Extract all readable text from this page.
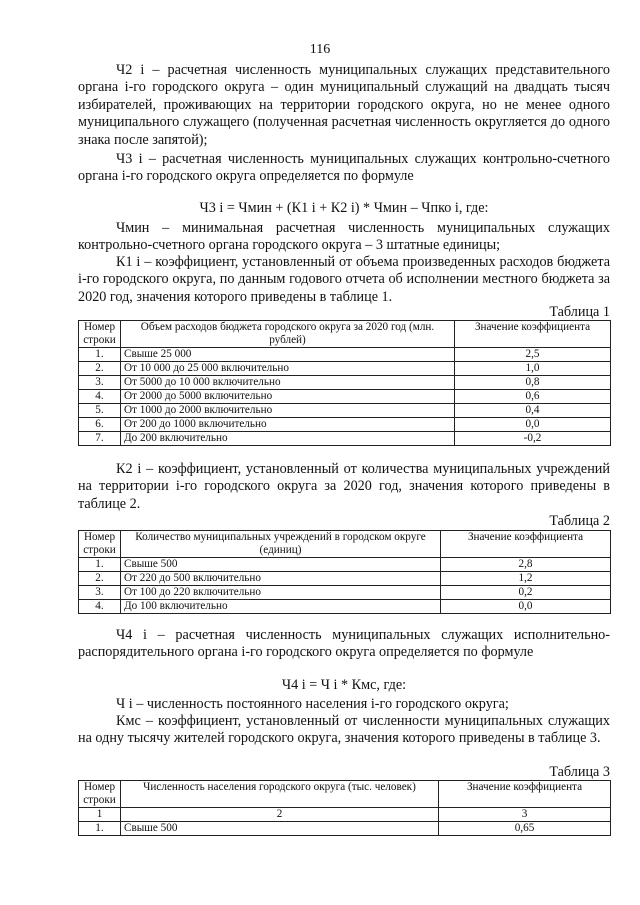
116

Ч2 i – расчетная численность муниципальных служащих представительного органа i-го городского округа – один муниципальный служащий на двадцать тысяч избирателей, проживающих на территории городского округа, но не менее одного муниципального служащего (полученная расчетная численность округляется до одного знака после запятой);

Ч3 i – расчетная численность муниципальных служащих контрольно-счетного органа i-го городского округа определяется по формуле

Ч3 i = Чмин + (К1 i + К2 i) * Чмин – Чпко i, где:

Чмин – минимальная расчетная численность муниципальных служащих контрольно-счетного органа городского округа – 3 штатные единицы;

К1 i – коэффициент, установленный от объема произведенных расходов бюджета i-го городского округа, по данным годового отчета об исполнении местного бюджета за 2020 год, значения которого приведены в таблице 1.

Таблица 1
Номер строки	Объем расходов бюджета городского округа за 2020 год (млн. рублей)	Значение коэффициента
1.	Свыше 25 000	2,5
2.	От 10 000 до 25 000 включительно	1,0
3.	От 5000 до 10 000 включительно	0,8
4.	От 2000 до 5000 включительно	0,6
5.	От 1000 до 2000 включительно	0,4
6.	От 200 до 1000 включительно	0,0
7.	До 200 включительно	-0,2

К2 i – коэффициент, установленный от количества муниципальных учреждений на территории i-го городского округа за 2020 год, значения которого приведены в таблице 2.

Таблица 2
Номер строки	Количество муниципальных учреждений в городском округе (единиц)	Значение коэффициента
1.	Свыше 500	2,8
2.	От 220 до 500 включительно	1,2
3.	От 100 до 220 включительно	0,2
4.	До 100 включительно	0,0

Ч4 i – расчетная численность муниципальных служащих исполнительно-распорядительного органа i-го городского округа определяется по формуле

Ч4 i = Ч i * Кмс, где:

Ч i – численность постоянного населения i-го городского округа;

Кмс – коэффициент, установленный от численности муниципальных служащих на одну тысячу жителей городского округа, значения которого приведены в таблице 3.

Таблица 3
Номер строки	Численность населения городского округа (тыс. человек)	Значение коэффициента
1	2	3
1.	Свыше 500	0,65
